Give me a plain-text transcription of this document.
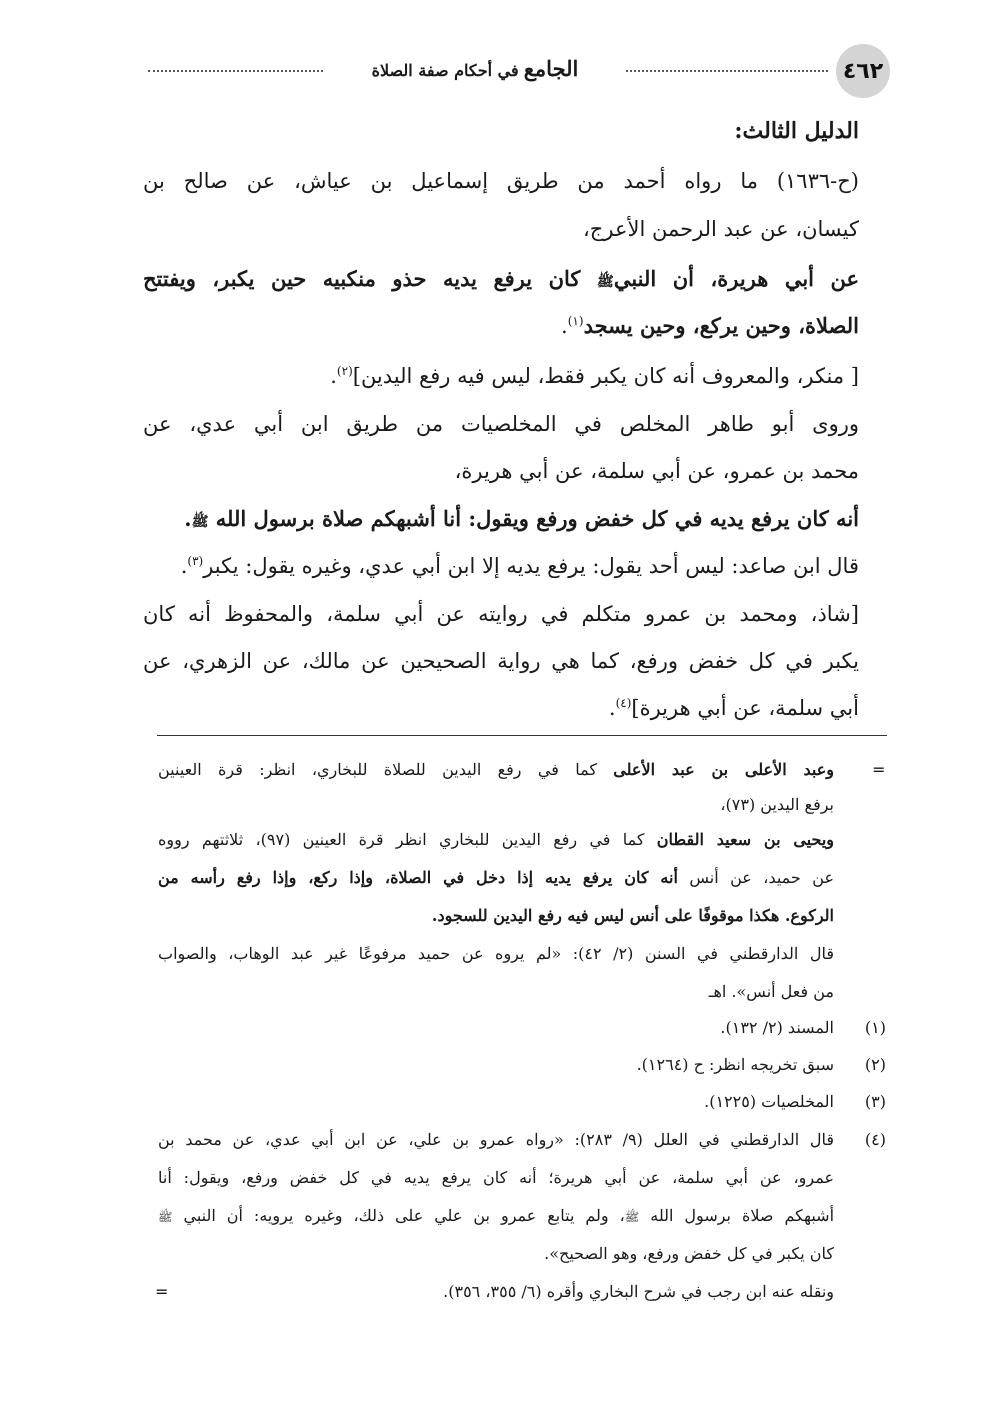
٤٦٢
الجامع في أحكام صفة الصلاة
الدليل الثالث:
(ح-١٦٣٦) ما رواه أحمد من طريق إسماعيل بن عياش، عن صالح بن
كيسان، عن عبد الرحمن الأعرج،
عن أبي هريرة، أن النبيﷺ كان يرفع يديه حذو منكبيه حين يكبر، ويفتتح
الصلاة، وحين يركع، وحين يسجد$^{(١)}$.
[ منكر، والمعروف أنه كان يكبر فقط، ليس فيه رفع اليدين]$^{(٢)}$.
وروى أبو طاهر المخلص في المخلصيات من طريق ابن أبي عدي، عن
محمد بن عمرو، عن أبي سلمة، عن أبي هريرة،
أنه كان يرفع يديه في كل خفض ورفع ويقول: أنا أشبهكم صلاة برسول الله ﷺ.
قال ابن صاعد: ليس أحد يقول: يرفع يديه إلا ابن أبي عدي، وغيره يقول: يكبر$^{(٣)}$.
[شاذ، ومحمد بن عمرو متكلم في روايته عن أبي سلمة، والمحفوظ أنه كان
يكبر في كل خفض ورفع، كما هي رواية الصحيحين عن مالك، عن الزهري، عن
أبي سلمة، عن أبي هريرة]$^{(٤)}$.
=
وعبد الأعلى بن عبد الأعلى كما في رفع اليدين للصلاة للبخاري، انظر: قرة العينين
برفع اليدين (٧٣)،
ويحيى بن سعيد القطان كما في رفع اليدين للبخاري انظر قرة العينين (٩٧)، ثلاثتهم رووه
عن حميد، عن أنس أنه كان يرفع يديه إذا دخل في الصلاة، وإذا ركع، وإذا رفع رأسه من
الركوع. هكذا موقوفًا على أنس ليس فيه رفع اليدين للسجود.
قال الدارقطني في السنن (٢/ ٤٢): «لم يروه عن حميد مرفوعًا غير عبد الوهاب، والصواب
من فعل أنس». اهـ
(١)
المسند (٢/ ١٣٢).
(٢)
سبق تخريجه انظر: ح (١٢٦٤).
(٣)
المخلصيات (١٢٢٥).
(٤)
قال الدارقطني في العلل (٩/ ٢٨٣): «رواه عمرو بن علي، عن ابن أبي عدي، عن محمد بن
عمرو، عن أبي سلمة، عن أبي هريرة؛ أنه كان يرفع يديه في كل خفض ورفع، ويقول: أنا
أشبهكم صلاة برسول الله ﷺ، ولم يتابع عمرو بن علي على ذلك، وغيره يرويه: أن النبي ﷺ
كان يكبر في كل خفض ورفع، وهو الصحيح».
ونقله عنه ابن رجب في شرح البخاري وأقره (٦/ ٣٥٥، ٣٥٦).
=
